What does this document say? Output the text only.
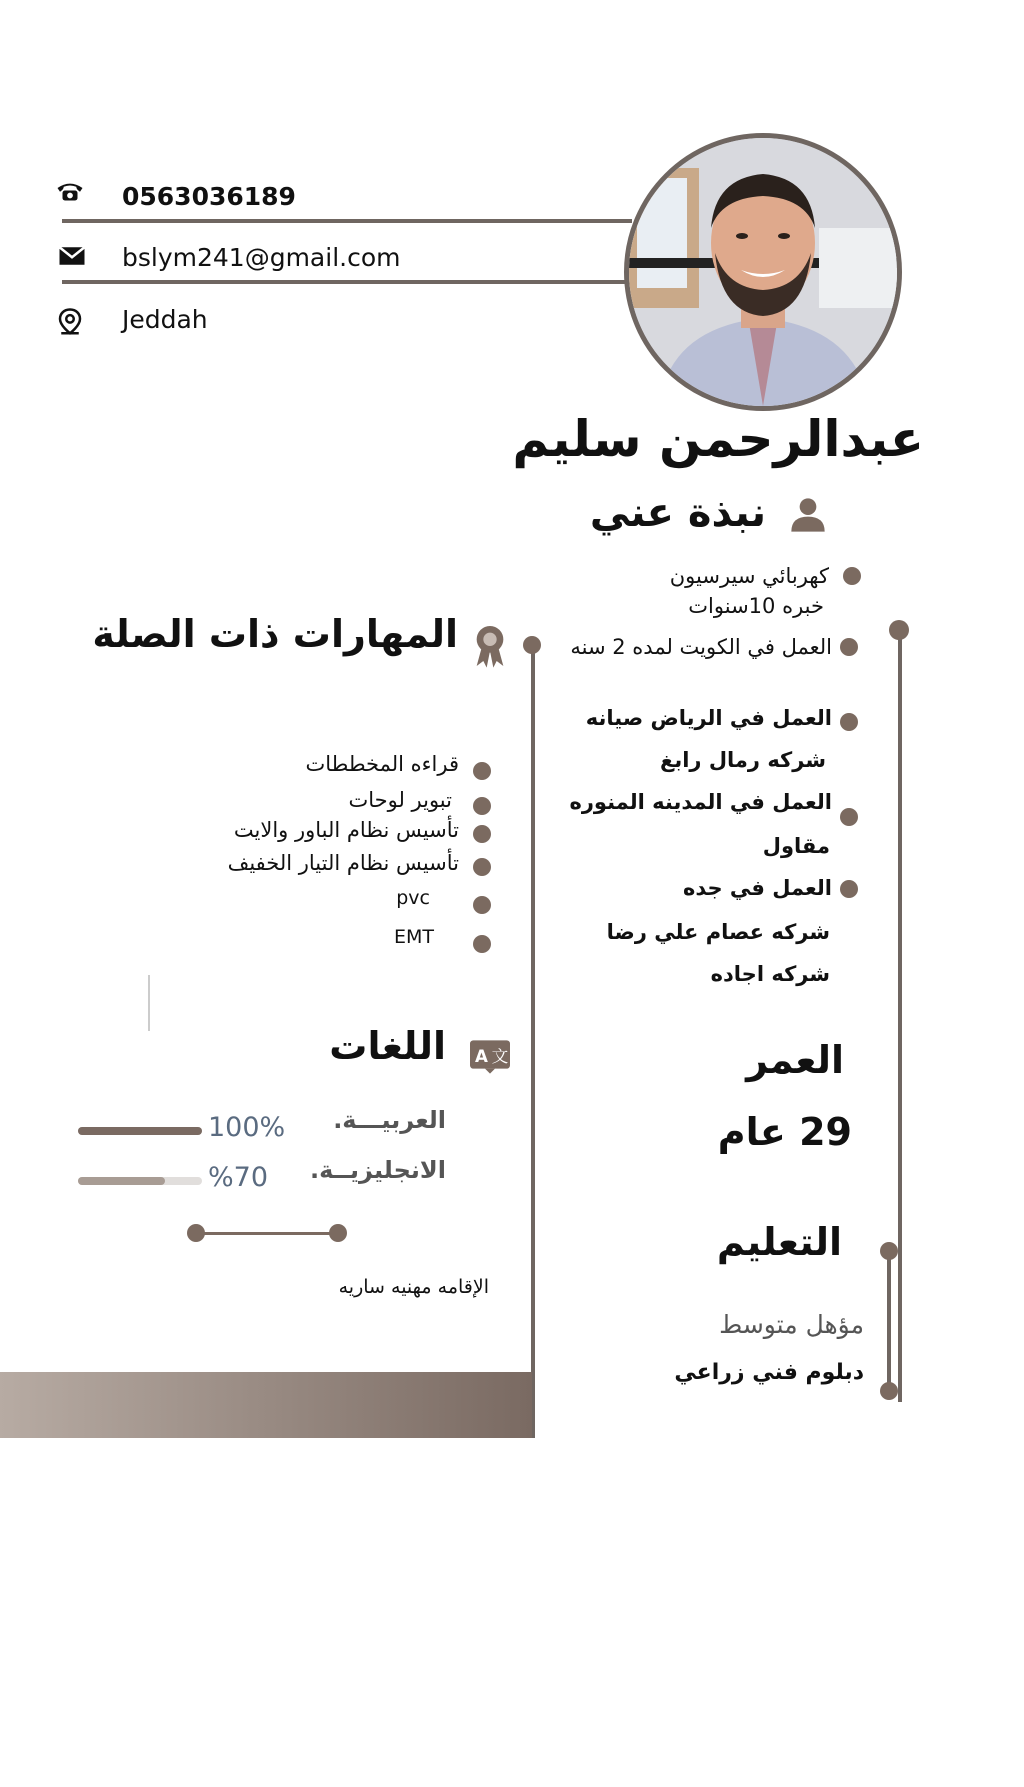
0563036189
bslym241@gmail.com
Jeddah
عبدالرحمن سليم
نبذة عني
كهربائي سيرسيون
خبره 10سنوات
العمل في الكويت لمده 2 سنه
العمل في الرياض صيانه
شركه رمال رابغ
العمل في المدينه المنوره
مقاول
العمل في جده
شركه عصام علي رضا
شركه اجاده
العمر
29 عام
التعليم
مؤهل متوسط
دبلوم فني زراعي
المهارات ذات الصلة
قراءه المخططات
تبوير لوحات
تأسيس نظام الباور والايت
تأسيس نظام التيار الخفيف
pvc
EMT
A 文
اللغات
العربيـــة.
100%
الانجليزيــة.
%70
الإقامه مهنيه ساريه
